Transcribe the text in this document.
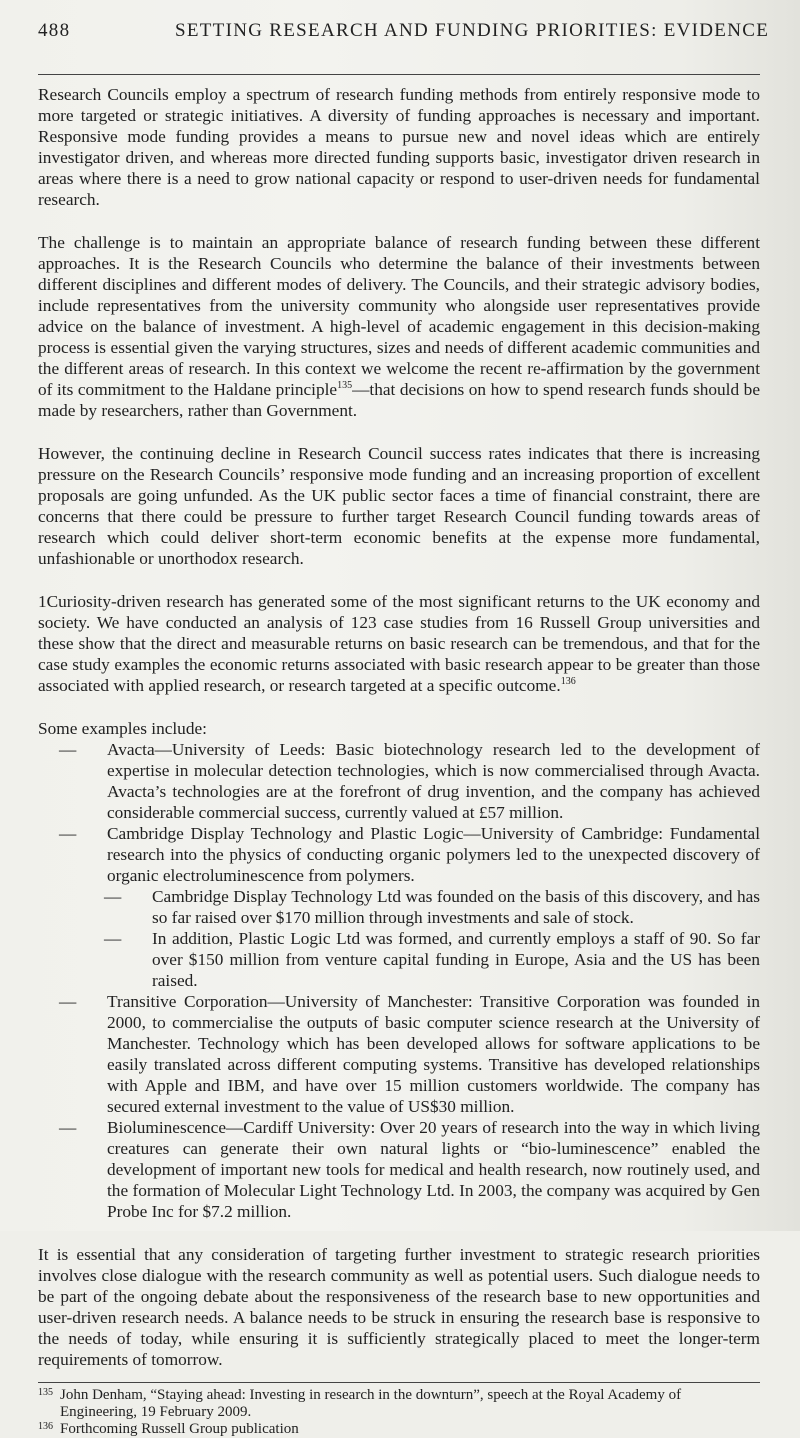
488	SETTING RESEARCH AND FUNDING PRIORITIES: EVIDENCE

Research Councils employ a spectrum of research funding methods from entirely responsive mode to more targeted or strategic initiatives. A diversity of funding approaches is necessary and important. Responsive mode funding provides a means to pursue new and novel ideas which are entirely investigator driven, and whereas more directed funding supports basic, investigator driven research in areas where there is a need to grow national capacity or respond to user-driven needs for fundamental research.

The challenge is to maintain an appropriate balance of research funding between these different approaches. It is the Research Councils who determine the balance of their investments between different disciplines and different modes of delivery. The Councils, and their strategic advisory bodies, include representatives from the university community who alongside user representatives provide advice on the balance of investment. A high-level of academic engagement in this decision-making process is essential given the varying structures, sizes and needs of different academic communities and the different areas of research. In this context we welcome the recent re-affirmation by the government of its commitment to the Haldane principle$^{135}$—that decisions on how to spend research funds should be made by researchers, rather than Government.

However, the continuing decline in Research Council success rates indicates that there is increasing pressure on the Research Councils’ responsive mode funding and an increasing proportion of excellent proposals are going unfunded. As the UK public sector faces a time of financial constraint, there are concerns that there could be pressure to further target Research Council funding towards areas of research which could deliver short-term economic benefits at the expense more fundamental, unfashionable or unorthodox research.

1Curiosity-driven research has generated some of the most significant returns to the UK economy and society. We have conducted an analysis of 123 case studies from 16 Russell Group universities and these show that the direct and measurable returns on basic research can be tremendous, and that for the case study examples the economic returns associated with basic research appear to be greater than those associated with applied research, or research targeted at a specific outcome.$^{136}$

Some examples include:

— Avacta—University of Leeds: Basic biotechnology research led to the development of expertise in molecular detection technologies, which is now commercialised through Avacta. Avacta’s technologies are at the forefront of drug invention, and the company has achieved considerable commercial success, currently valued at £57 million.
— Cambridge Display Technology and Plastic Logic—University of Cambridge: Fundamental research into the physics of conducting organic polymers led to the unexpected discovery of organic electroluminescence from polymers.
— Cambridge Display Technology Ltd was founded on the basis of this discovery, and has so far raised over $170 million through investments and sale of stock.
— In addition, Plastic Logic Ltd was formed, and currently employs a staff of 90. So far over $150 million from venture capital funding in Europe, Asia and the US has been raised.
— Transitive Corporation—University of Manchester: Transitive Corporation was founded in 2000, to commercialise the outputs of basic computer science research at the University of Manchester. Technology which has been developed allows for software applications to be easily translated across different computing systems. Transitive has developed relationships with Apple and IBM, and have over 15 million customers worldwide. The company has secured external investment to the value of US$30 million.
— Bioluminescence—Cardiff University: Over 20 years of research into the way in which living creatures can generate their own natural lights or “bio-luminescence” enabled the development of important new tools for medical and health research, now routinely used, and the formation of Molecular Light Technology Ltd. In 2003, the company was acquired by Gen Probe Inc for $7.2 million.

It is essential that any consideration of targeting further investment to strategic research priorities involves close dialogue with the research community as well as potential users. Such dialogue needs to be part of the ongoing debate about the responsiveness of the research base to new opportunities and user-driven research needs. A balance needs to be struck in ensuring the research base is responsive to the needs of today, while ensuring it is sufficiently strategically placed to meet the longer-term requirements of tomorrow.

135 John Denham, “Staying ahead: Investing in research in the downturn”, speech at the Royal Academy of Engineering, 19 February 2009.

136 Forthcoming Russell Group publication
